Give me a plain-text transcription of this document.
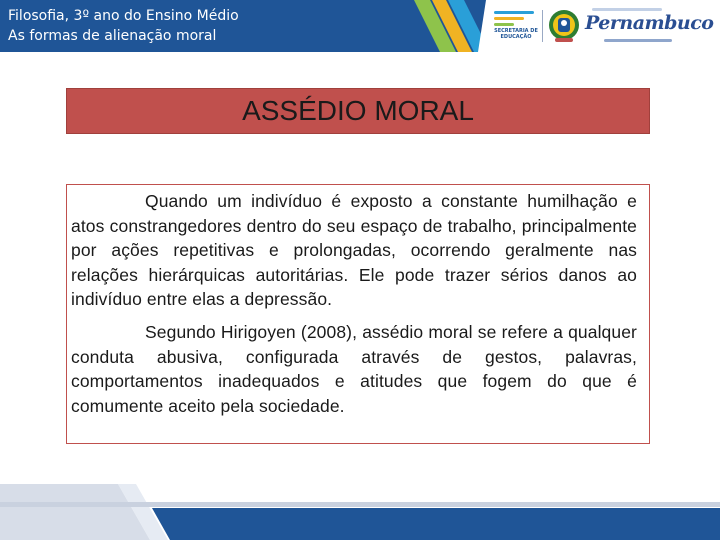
Filosofia, 3º ano do Ensino Médio
As formas de alienação moral	SECRETARIA DE EDUCAÇÃO
Pernambuco
ASSÉDIO MORAL

Quando um indivíduo é exposto a constante humilhação e atos constrangedores dentro do seu espaço de trabalho, principalmente por ações repetitivas e prolongadas, ocorrendo geralmente nas relações hierárquicas autoritárias. Ele pode trazer sérios danos ao indivíduo entre elas a depressão.

Segundo Hirigoyen (2008), assédio moral se refere a qualquer conduta abusiva, configurada através de gestos, palavras, comportamentos inadequados e atitudes que fogem do que é comumente aceito pela sociedade.
